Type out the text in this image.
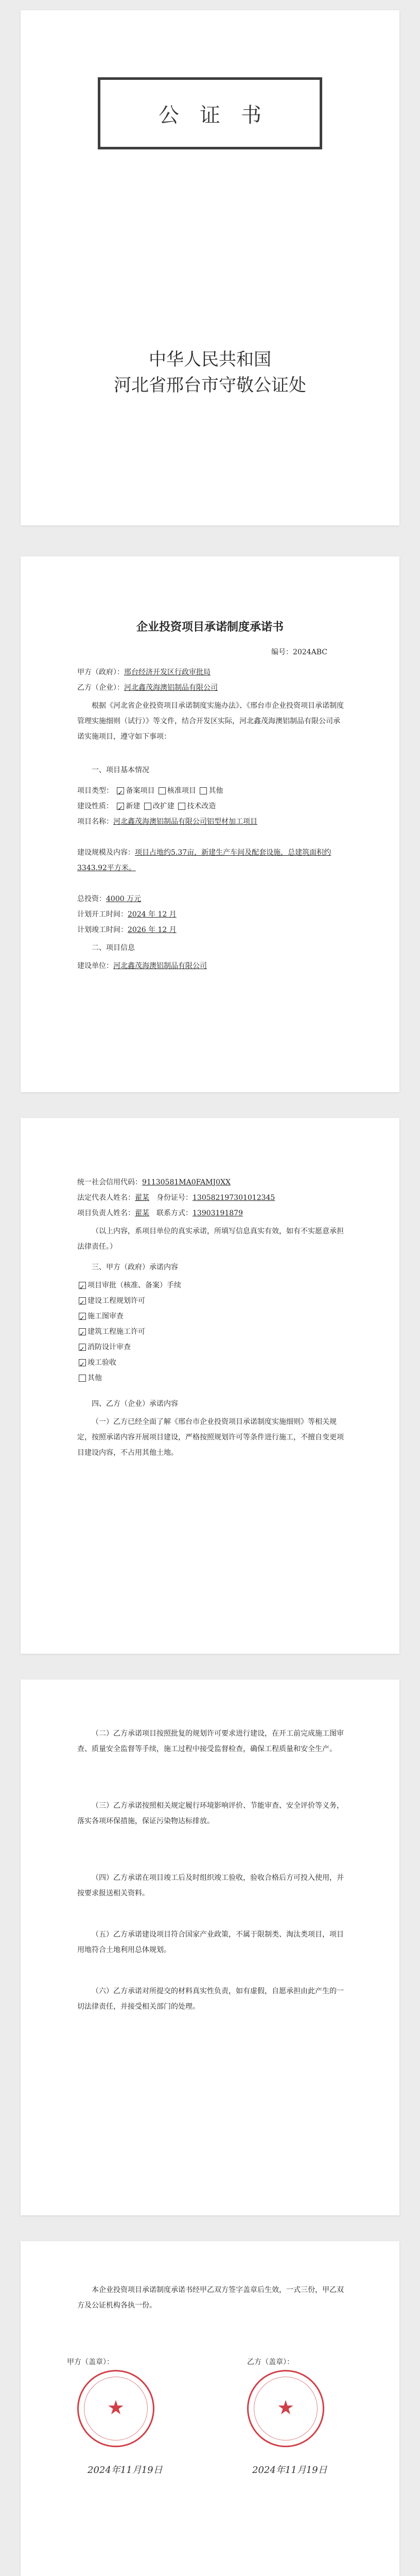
公证书
中华人民共和国
河北省邢台市守敬公证处
企业投资项目承诺制度承诺书
编号：2024ABC
甲方（政府）：邢台经济开发区行政审批局
乙方（企业）：河北鑫茂海澳铝制品有限公司
根据《河北省企业投资项目承诺制度实施办法》、《邢台市企业投资项目承诺制度管理实施细则（试行）》等文件，结合开发区实际，河北鑫茂海澳铝制品有限公司承诺实施项目，遵守如下事项：
一、项目基本情况
项目类型： ✓ 备案项目 核准项目 其他
建设性质： ✓ 新建 改扩建 技术改造
项目名称：河北鑫茂海澳铝制品有限公司铝型材加工项目
建设规模及内容：项目占地约5.37亩，新建生产车间及配套设施，总建筑面积约3343.92平方米。
总投资：4000 万元
计划开工时间：2024 年 12 月
计划竣工时间：2026 年 12 月
二、项目信息
建设单位：河北鑫茂海澳铝制品有限公司
统一社会信用代码：91130581MA0FAMJ0XX
法定代表人姓名：翟某　 身份证号：130582197301012345
项目负责人姓名：翟某　 联系方式：13903191879
（以上内容，系项目单位的真实承诺，所填写信息真实有效，如有不实愿意承担法律责任。）
三、甲方（政府）承诺内容
✓项目审批（核准、备案）手续
✓建设工程规划许可
✓施工图审查
✓建筑工程施工许可
✓消防设计审查
✓竣工验收
其他
四、乙方（企业）承诺内容
（一）乙方已经全面了解《邢台市企业投资项目承诺制度实施细则》等相关规定，按照承诺内容开展项目建设，严格按照规划许可等条件进行施工，不擅自变更项目建设内容，不占用其他土地。
（二）乙方承诺项目按照批复的规划许可要求进行建设，在开工前完成施工图审查、质量安全监督等手续，施工过程中接受监督检查，确保工程质量和安全生产。
（三）乙方承诺按照相关规定履行环境影响评价、节能审查、安全评价等义务，落实各项环保措施，保证污染物达标排放。
（四）乙方承诺在项目竣工后及时组织竣工验收，验收合格后方可投入使用，并按要求报送相关资料。
（五）乙方承诺建设项目符合国家产业政策，不属于限制类、淘汰类项目，项目用地符合土地利用总体规划。
（六）乙方承诺对所提交的材料真实性负责，如有虚假，自愿承担由此产生的一切法律责任，并接受相关部门的处理。
本企业投资项目承诺制度承诺书经甲乙双方签字盖章后生效，一式三份，甲乙双方及公证机构各执一份。
甲方（盖章）：	乙方（盖章）：
★
★
2024年11月19日	2024年11月19日
